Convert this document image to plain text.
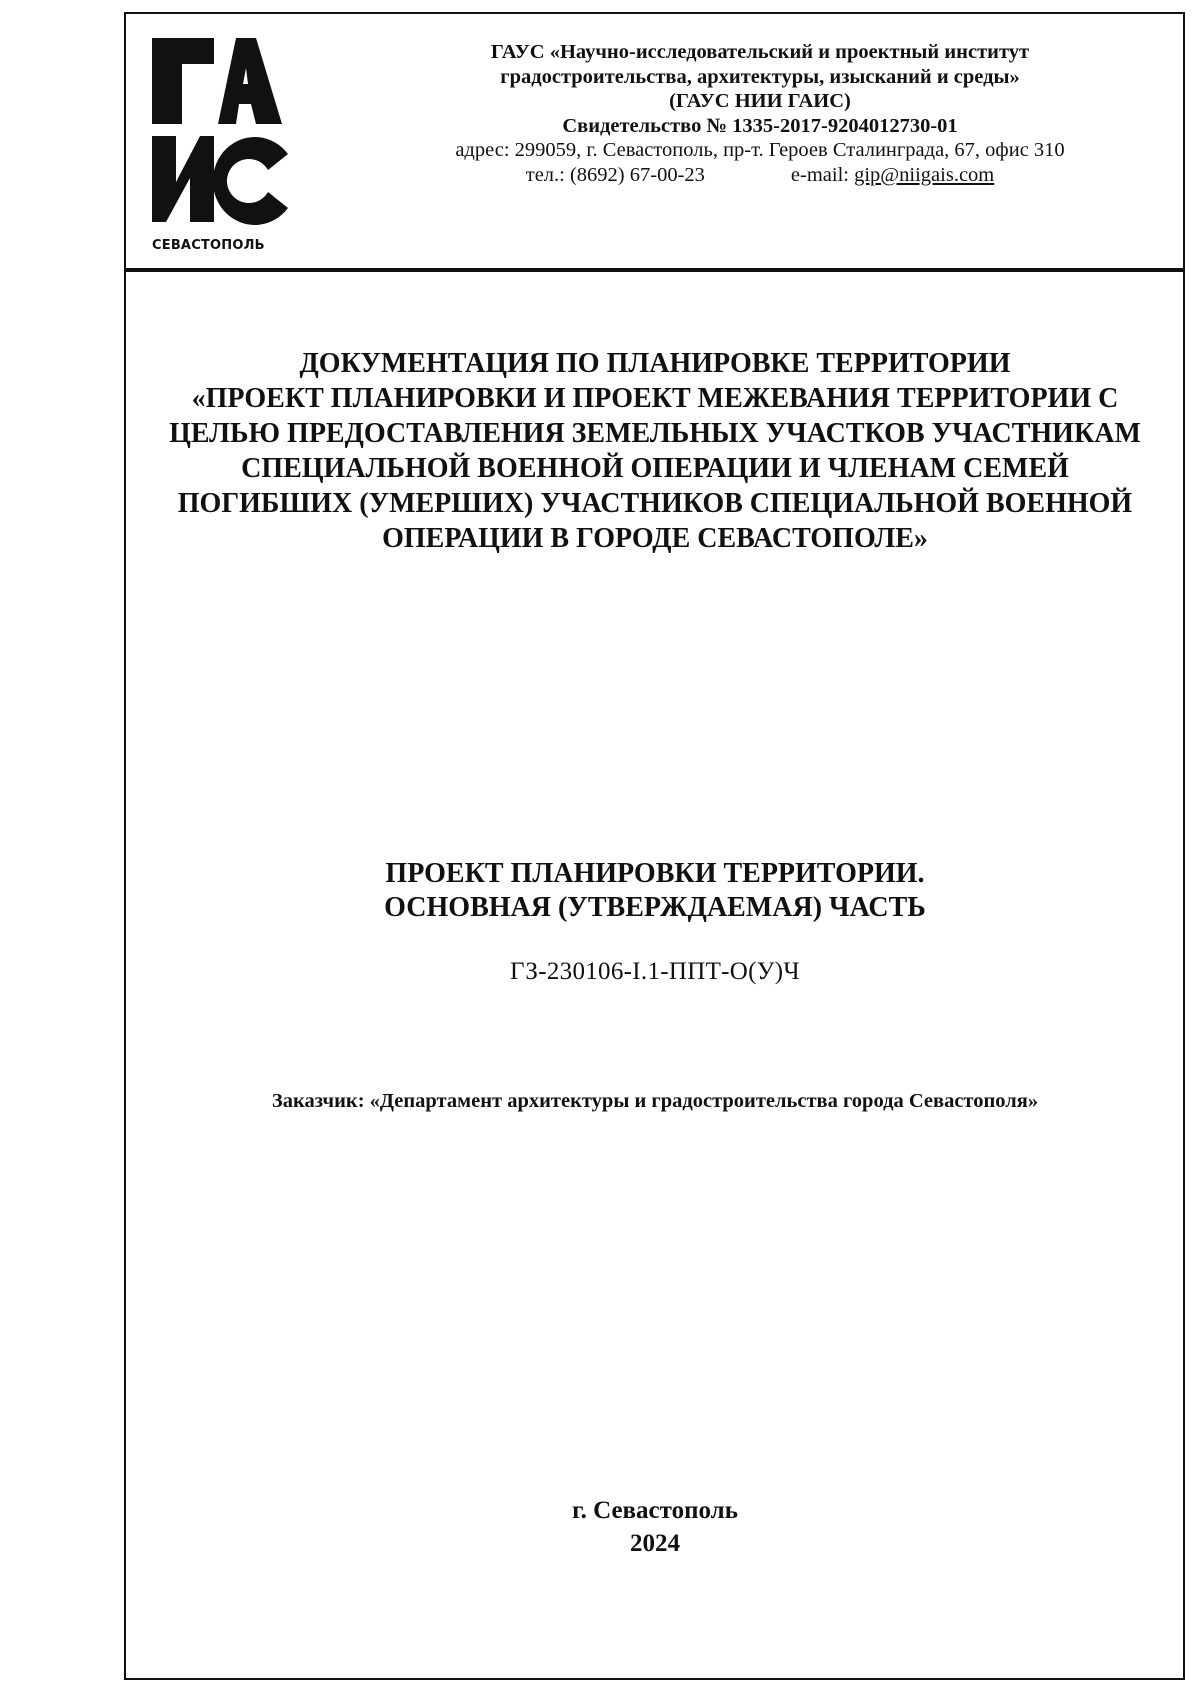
СЕВАСТОПОЛЬ
ГАУС «Научно-исследовательский и проектный институт
градостроительства, архитектуры, изысканий и среды»
(ГАУС НИИ ГАИС)
Свидетельство № 1335-2017-9204012730-01
адрес: 299059, г. Севастополь, пр-т. Героев Сталинграда, 67, офис 310
тел.: (8692) 67-00-23	e-mail: gip@niigais.com
ДОКУМЕНТАЦИЯ ПО ПЛАНИРОВКЕ ТЕРРИТОРИИ
«ПРОЕКТ ПЛАНИРОВКИ И ПРОЕКТ МЕЖЕВАНИЯ ТЕРРИТОРИИ С
ЦЕЛЬЮ ПРЕДОСТАВЛЕНИЯ ЗЕМЕЛЬНЫХ УЧАСТКОВ УЧАСТНИКАМ
СПЕЦИАЛЬНОЙ ВОЕННОЙ ОПЕРАЦИИ И ЧЛЕНАМ СЕМЕЙ
ПОГИБШИХ (УМЕРШИХ) УЧАСТНИКОВ СПЕЦИАЛЬНОЙ ВОЕННОЙ
ОПЕРАЦИИ В ГОРОДЕ СЕВАСТОПОЛЕ»
ПРОЕКТ ПЛАНИРОВКИ ТЕРРИТОРИИ.
ОСНОВНАЯ (УТВЕРЖДАЕМАЯ) ЧАСТЬ
ГЗ-230106-I.1-ППТ-О(У)Ч
Заказчик: «Департамент архитектуры и градостроительства города Севастополя»
г. Севастополь
2024
